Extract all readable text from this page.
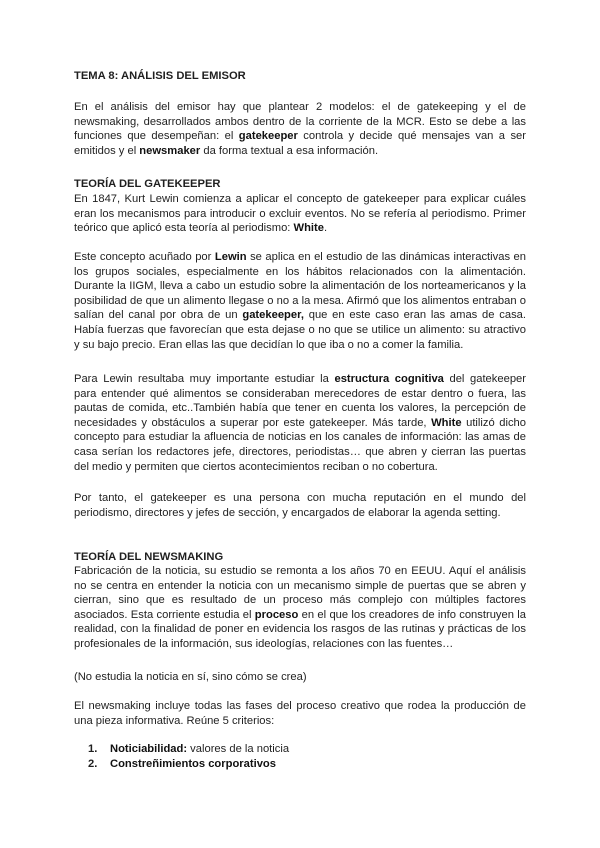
TEMA 8: ANÁLISIS DEL EMISOR

En el análisis del emisor hay que plantear 2 modelos: el de gatekeeping y el de newsmaking, desarrollados ambos dentro de la corriente de la MCR. Esto se debe a las funciones que desempeñan: el gatekeeper controla y decide qué mensajes van a ser emitidos y el newsmaker da forma textual a esa información.

TEORÍA DEL GATEKEEPER

En 1847, Kurt Lewin comienza a aplicar el concepto de gatekeeper para explicar cuáles eran los mecanismos para introducir o excluir eventos. No se refería al periodismo. Primer teórico que aplicó esta teoría al periodismo: White.

Este concepto acuñado por Lewin se aplica en el estudio de las dinámicas interactivas en los grupos sociales, especialmente en los hábitos relacionados con la alimentación. Durante la IIGM, lleva a cabo un estudio sobre la alimentación de los norteamericanos y la posibilidad de que un alimento llegase o no a la mesa. Afirmó que los alimentos entraban o salían del canal por obra de un gatekeeper, que en este caso eran las amas de casa. Había fuerzas que favorecían que esta dejase o no que se utilice un alimento: su atractivo y su bajo precio. Eran ellas las que decidían lo que iba o no a comer la familia.

Para Lewin resultaba muy importante estudiar la estructura cognitiva del gatekeeper para entender qué alimentos se consideraban merecedores de estar dentro o fuera, las pautas de comida, etc..También había que tener en cuenta los valores, la percepción de necesidades y obstáculos a superar por este gatekeeper. Más tarde, White utilizó dicho concepto para estudiar la afluencia de noticias en los canales de información: las amas de casa serían los redactores jefe, directores, periodistas… que abren y cierran las puertas del medio y permiten que ciertos acontecimientos reciban o no cobertura.

Por tanto, el gatekeeper es una persona con mucha reputación en el mundo del periodismo, directores y jefes de sección, y encargados de elaborar la agenda setting.

TEORÍA DEL NEWSMAKING

Fabricación de la noticia, su estudio se remonta a los años 70 en EEUU. Aquí el análisis no se centra en entender la noticia con un mecanismo simple de puertas que se abren y cierran, sino que es resultado de un proceso más complejo con múltiples factores asociados. Esta corriente estudia el proceso en el que los creadores de info construyen la realidad, con la finalidad de poner en evidencia los rasgos de las rutinas y prácticas de los profesionales de la información, sus ideologías, relaciones con las fuentes…

(No estudia la noticia en sí, sino cómo se crea)

El newsmaking incluye todas las fases del proceso creativo que rodea la producción de una pieza informativa. Reúne 5 criterios:

1.	Noticiabilidad: valores de la noticia
2.	Constreñimientos corporativos
